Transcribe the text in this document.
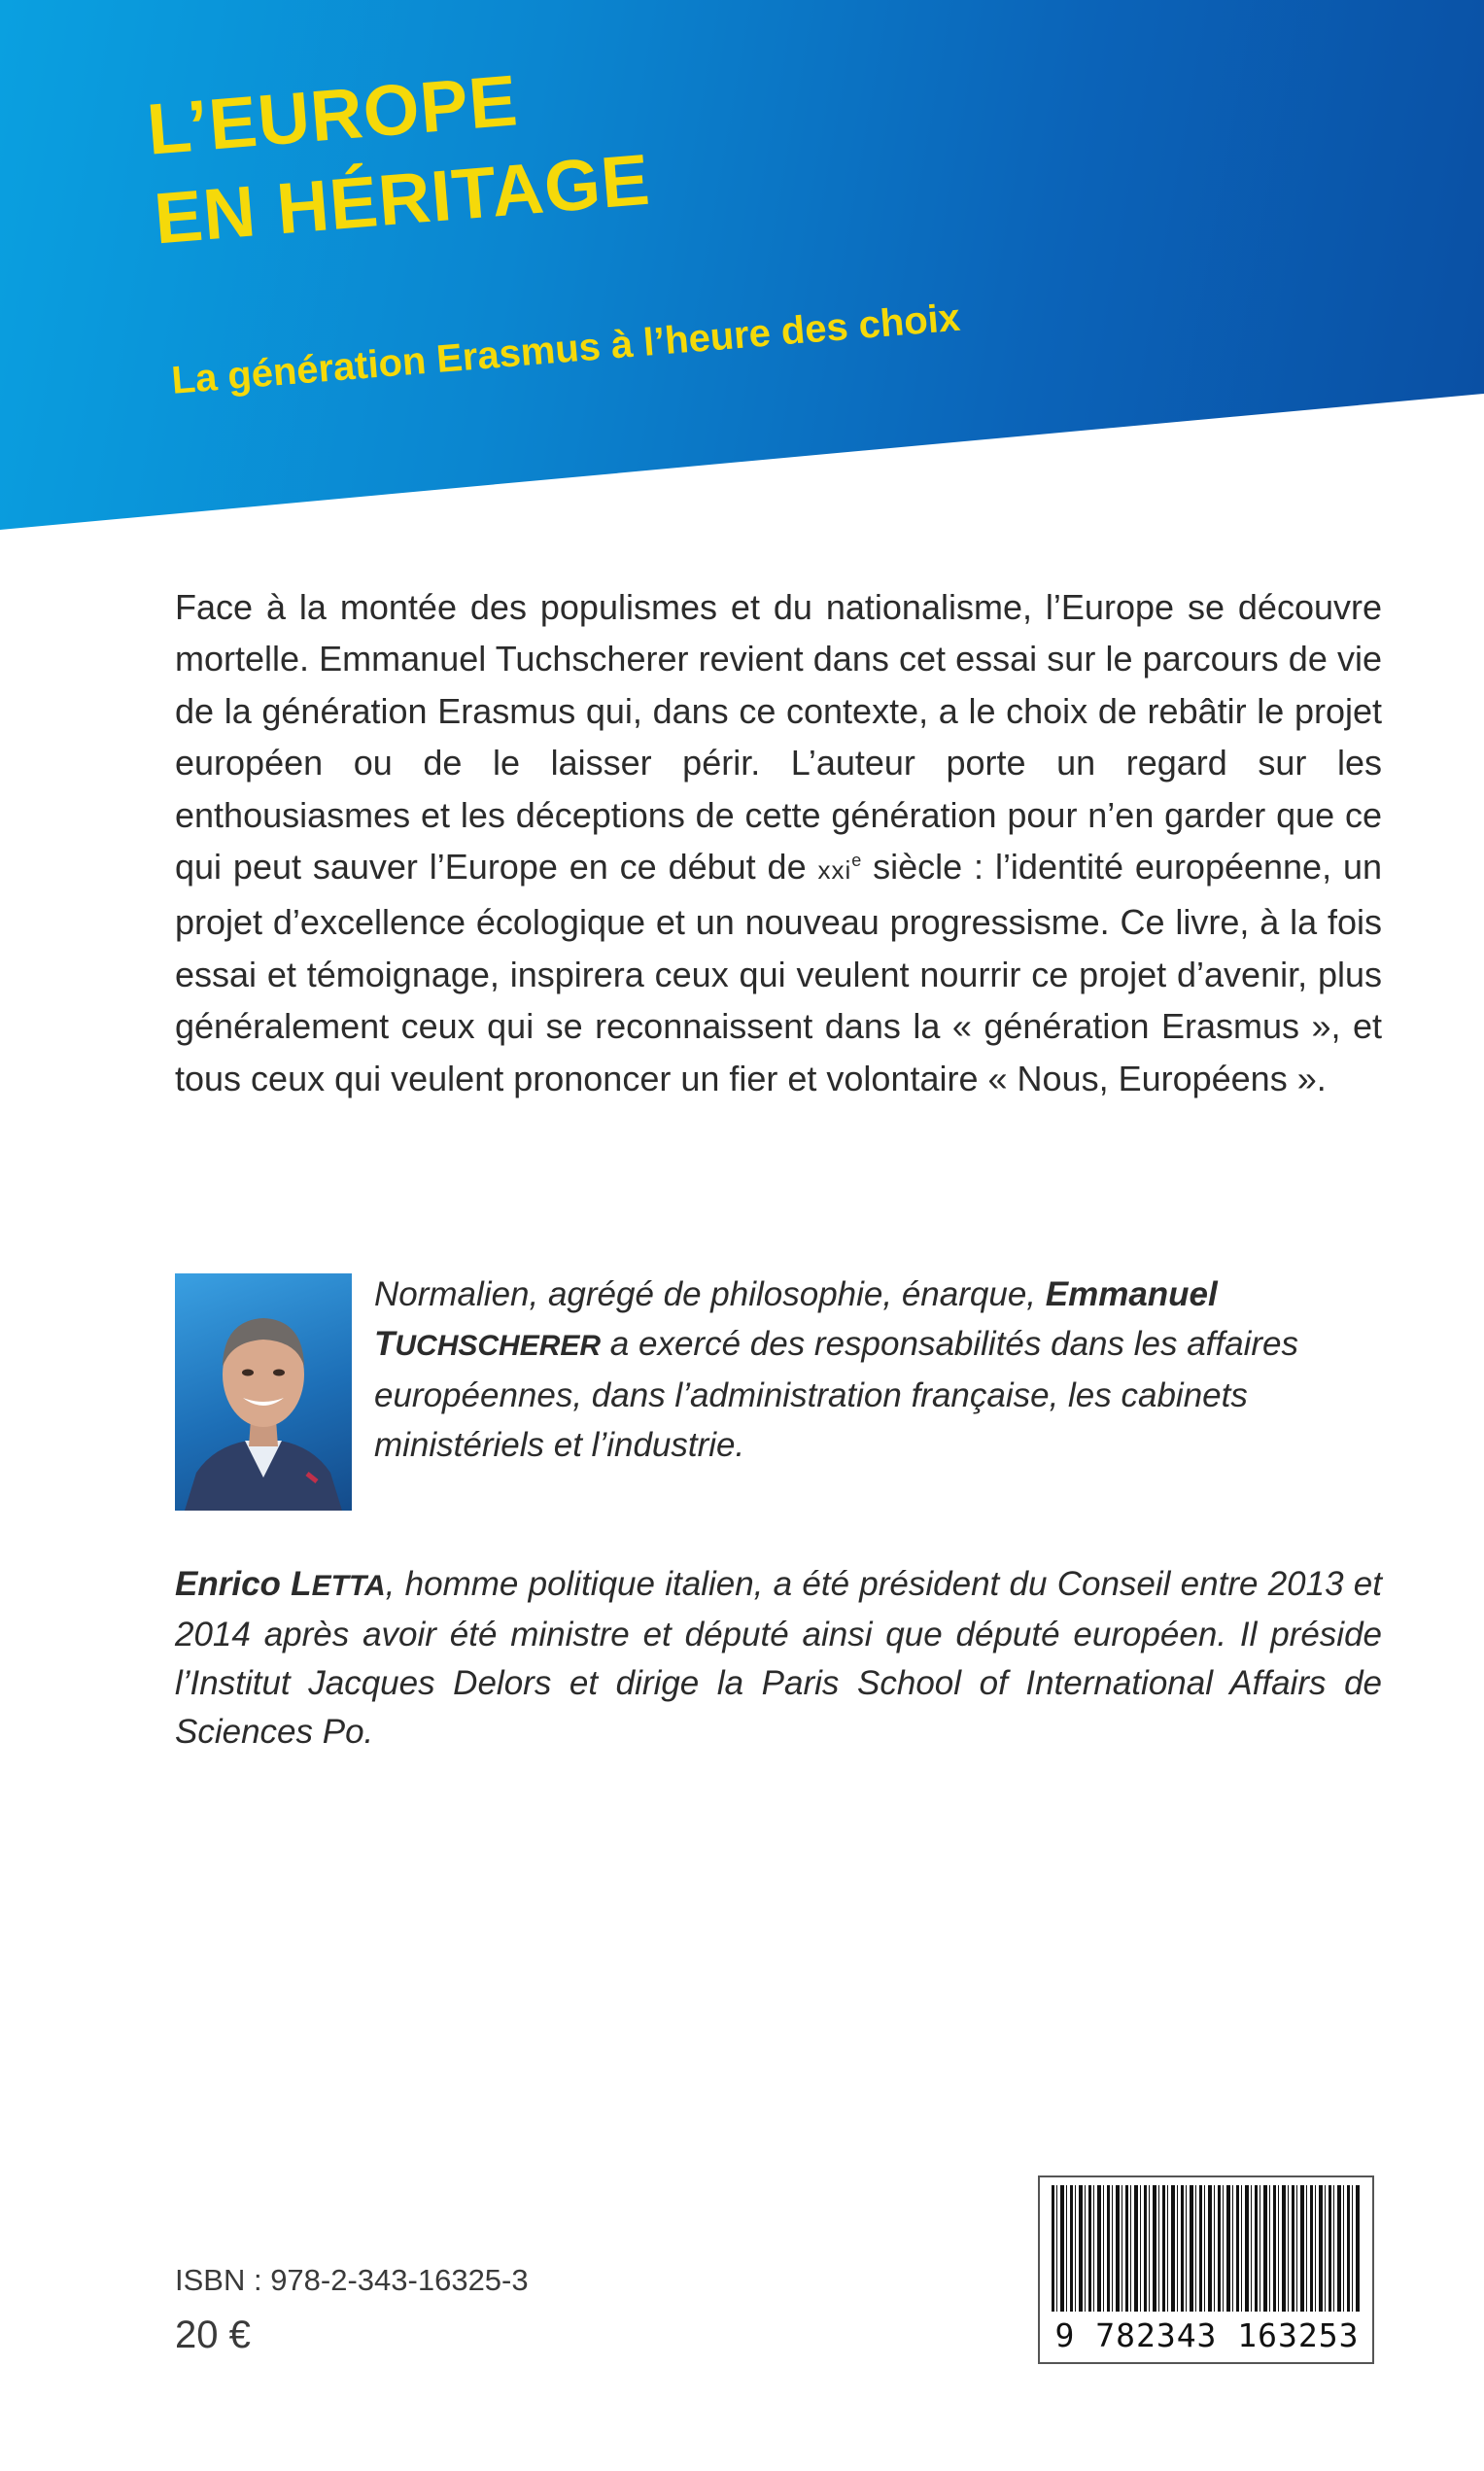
L’EUROPE
EN HÉRITAGE

La génération Erasmus à l’heure des choix

Face à la montée des populismes et du nationalisme, l’Europe se découvre mortelle. Emmanuel Tuchscherer revient dans cet essai sur le parcours de vie de la génération Erasmus qui, dans ce contexte, a le choix de rebâtir le projet européen ou de le laisser périr. L’auteur porte un regard sur les enthousiasmes et les déceptions de cette génération pour n’en garder que ce qui peut sauver l’Europe en ce début de xxi$^e$ siècle : l’identité européenne, un projet d’excellence écologique et un nouveau progressisme. Ce livre, à la fois essai et témoignage, inspirera ceux qui veulent nourrir ce projet d’avenir, plus généralement ceux qui se reconnaissent dans la « génération Erasmus », et tous ceux qui veulent prononcer un fier et volontaire « Nous, Européens ».

Normalien, agrégé de philosophie, énarque, Emmanuel TUCHSCHERER a exercé des responsabilités dans les affaires européennes, dans l’administration française, les cabinets ministériels et l’industrie.

Enrico LETTA, homme politique italien, a été président du Conseil entre 2013 et 2014 après avoir été ministre et député ainsi que député européen. Il préside l’Institut Jacques Delors et dirige la Paris School of International Affairs de Sciences Po.

ISBN : 978-2-343-16325-3

20 €	9 782343 163253
